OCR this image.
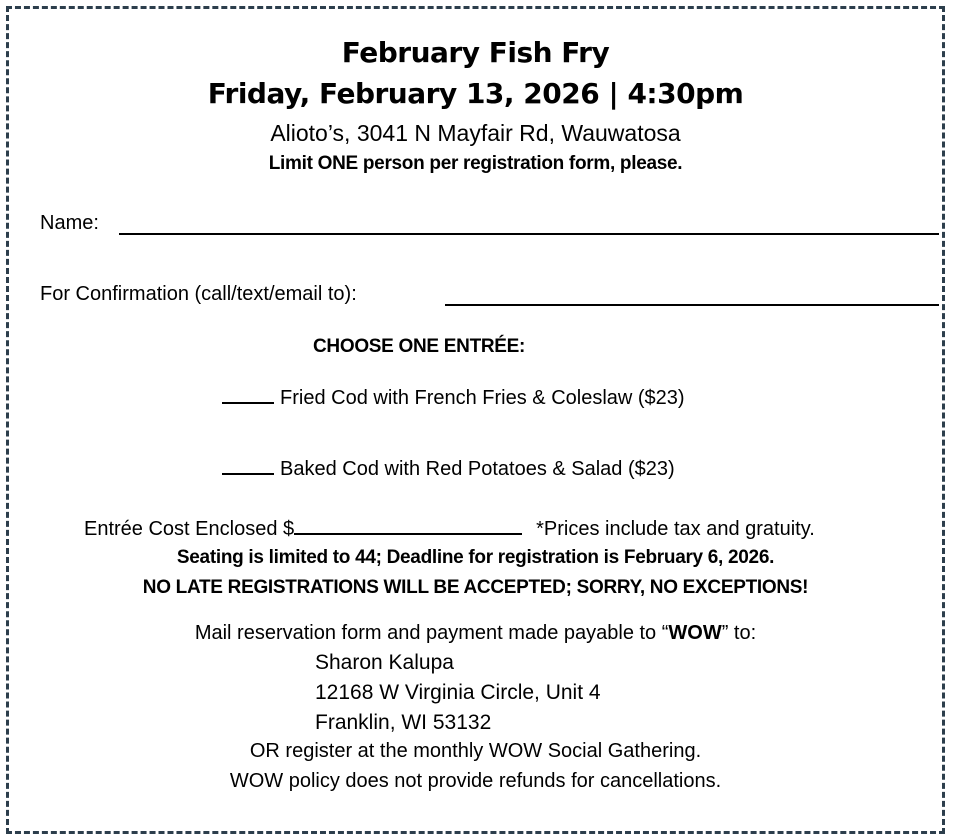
February Fish Fry
Friday, February 13, 2026 | 4:30pm
Alioto’s, 3041 N Mayfair Rd, Wauwatosa
Limit ONE person per registration form, please.
Name:
For Confirmation (call/text/email to):
CHOOSE ONE ENTRÉE:
Fried Cod with French Fries & Coleslaw ($23)
Baked Cod with Red Potatoes & Salad ($23)
Entrée Cost Enclosed $	*Prices include tax and gratuity.
Seating is limited to 44; Deadline for registration is February 6, 2026.
NO LATE REGISTRATIONS WILL BE ACCEPTED; SORRY, NO EXCEPTIONS!
Mail reservation form and payment made payable to “WOW” to:
Sharon Kalupa
12168 W Virginia Circle, Unit 4
Franklin, WI 53132
OR register at the monthly WOW Social Gathering.
WOW policy does not provide refunds for cancellations.
